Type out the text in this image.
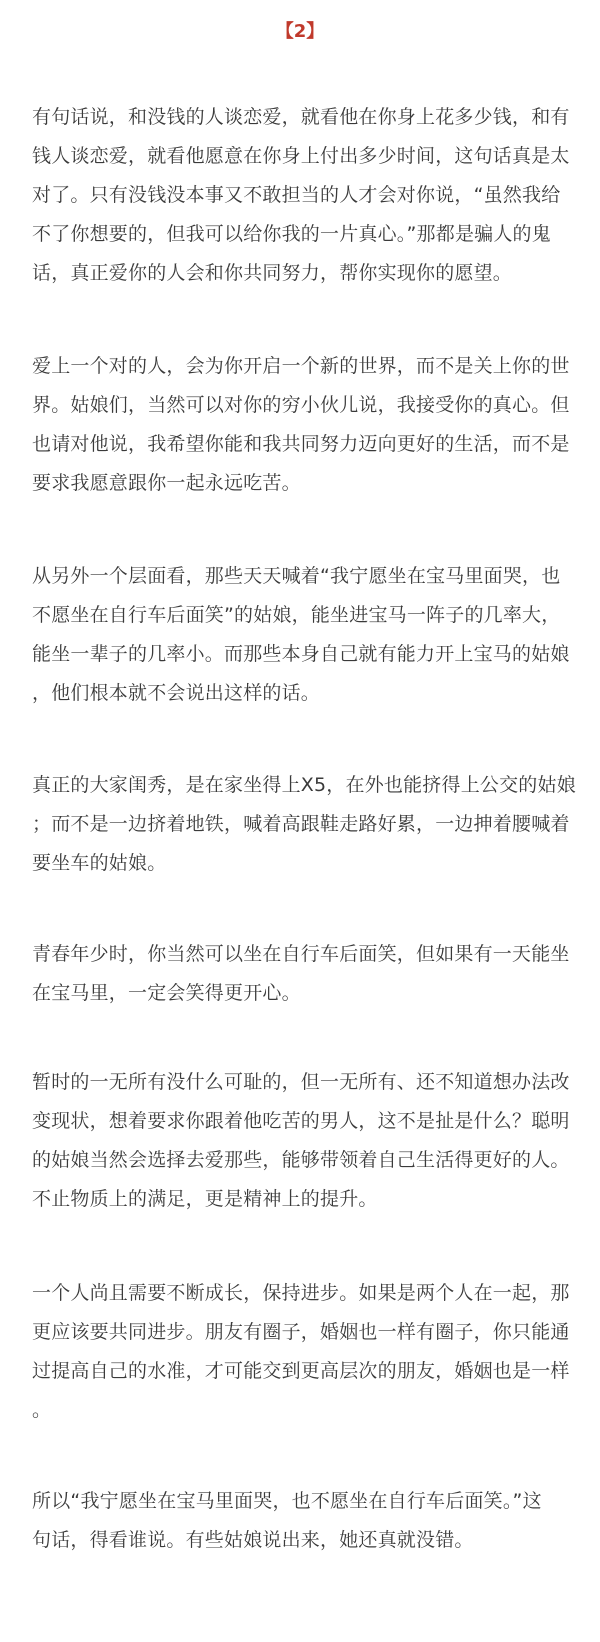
【2】
有句话说，和没钱的人谈恋爱，就看他在你身上花多少钱，和有
钱人谈恋爱，就看他愿意在你身上付出多少时间，这句话真是太
对了。只有没钱没本事又不敢担当的人才会对你说，“虽然我给
不了你想要的，但我可以给你我的一片真心。”那都是骗人的鬼
话，真正爱你的人会和你共同努力，帮你实现你的愿望。
爱上一个对的人，会为你开启一个新的世界，而不是关上你的世
界。姑娘们，当然可以对你的穷小伙儿说，我接受你的真心。但
也请对他说，我希望你能和我共同努力迈向更好的生活，而不是
要求我愿意跟你一起永远吃苦。
从另外一个层面看，那些天天喊着“我宁愿坐在宝马里面哭，也
不愿坐在自行车后面笑”的姑娘，能坐进宝马一阵子的几率大，
能坐一辈子的几率小。而那些本身自己就有能力开上宝马的姑娘
，他们根本就不会说出这样的话。
真正的大家闺秀，是在家坐得上X5，在外也能挤得上公交的姑娘
；而不是一边挤着地铁，喊着高跟鞋走路好累，一边抻着腰喊着
要坐车的姑娘。
青春年少时，你当然可以坐在自行车后面笑，但如果有一天能坐
在宝马里，一定会笑得更开心。
暂时的一无所有没什么可耻的，但一无所有、还不知道想办法改
变现状，想着要求你跟着他吃苦的男人，这不是扯是什么？聪明
的姑娘当然会选择去爱那些，能够带领着自己生活得更好的人。
不止物质上的满足，更是精神上的提升。
一个人尚且需要不断成长，保持进步。如果是两个人在一起，那
更应该要共同进步。朋友有圈子，婚姻也一样有圈子，你只能通
过提高自己的水准，才可能交到更高层次的朋友，婚姻也是一样
。
所以“我宁愿坐在宝马里面哭，也不愿坐在自行车后面笑。”这
句话，得看谁说。有些姑娘说出来，她还真就没错。
